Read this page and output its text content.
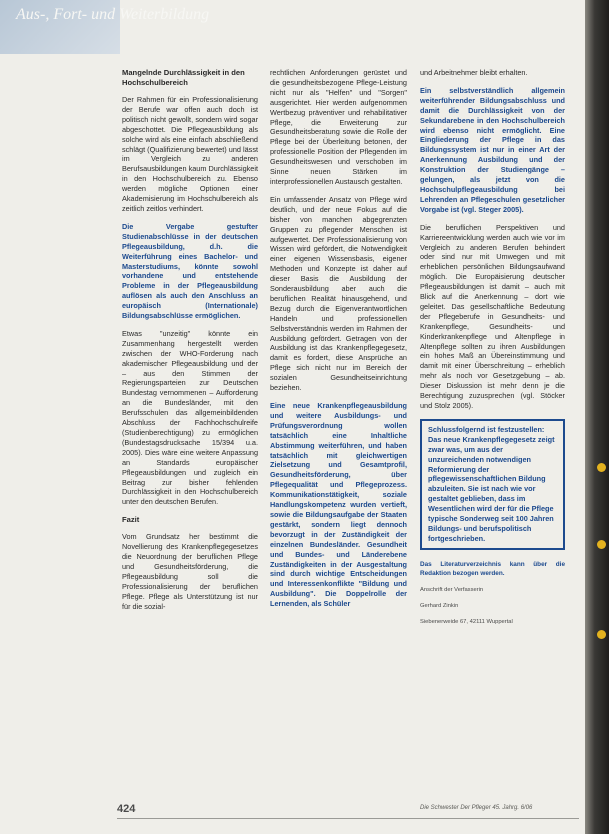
Aus-, Fort- und Weiterbildung
Mangelnde Durchlässigkeit in den Hochschulbereich

Der Rahmen für ein Professionalisierung der Berufe war offen auch doch ist politisch nicht gewollt, sondern wird sogar abgeschottet. Die Pflegeausbildung als solche wird als eine einfach abschließend schlägt (Qualifizierung bewertet) und lässt im Vergleich zu anderen Berufsausbildungen kaum Durchlässigkeit in den Hochschulbereich zu. Ebenso werden mögliche Optionen einer Akademisierung im Hochschulbereich als zeitlich zeitlos verhindert.

Die Vergabe gestufter Studienabschlüsse in der deutschen Pflegeausbildung, d.h. die Weiterführung eines Bachelor- und Masterstudiums, könnte sowohl vorhandene und entstehende Probleme in der Pflegeausbildung auflösen als auch den Anschluss an europäisch (Internationale) Bildungsabschlüsse ermöglichen.

Etwas "unzeitig" könnte ein Zusammenhang hergestellt werden zwischen der WHO-Forderung nach akademischer Pflegeausbildung und der – aus den Stimmen der Regierungsparteien zur Deutschen Bundestag vernommenen – Aufforderung an die Bundesländer, mit den Berufsschulen das allgemeinbildenden Abschluss der Fachhochschulreife (Studienberechtigung) zu ermöglichen (Bundestagsdrucksache 15/394 u.a. 2005). Dies wäre eine weitere Anpassung an Standards europäischer Pflegeausbildungen und zugleich ein Beitrag zur bisher fehlenden Durchlässigkeit in den Hochschulbereich unter den deutschen Berufen.

Fazit

Vom Grundsatz her bestimmt die Novellierung des Krankenpflegegesetzes die Neuordnung der beruflichen Pflege und Gesundheitsförderung, die Pflegeausbildung soll die Professionalisierung der beruflichen Pflege. Pflege als Unterstützung ist nur für die sozial-

rechtlichen Anforderungen gerüstet und die gesundheitsbezogene Pflege-Leistung nicht nur als "Helfen" und "Sorgen" ausgerichtet. Hier werden aufgenommen Wertbezug präventiver und rehabilitativer Pflege, die Erweiterung zur Gesundheitsberatung sowie die Rolle der Pflege bei der Überleitung betonen, der professionelle Position der Pflegenden im Gesundheitswesen und verschoben im Sinne neuen Stärken im interprofessionellen Austausch gestalten.

Ein umfassender Ansatz von Pflege wird deutlich, und der neue Fokus auf die bisher von manchen abgegrenzten Gruppen zu pflegender Menschen ist aufgewertet. Der Professionalisierung von Wissen wird gefördert, die Notwendigkeit einer eigenen Wissensbasis, eigener Methoden und Konzepte ist daher auf dieser Basis die Ausbildung der Sonderausbildung aber auch die beruflichen Realität hinausgehend, und Bezug durch die Eigenverantwortlichen Handeln und professionellen Selbstverständnis werden im Rahmen der Ausbildung gefördert. Getragen von der Ausbildung ist das Krankenpflegegesetz, damit es fordert, diese Ansprüche an Pflege sich nicht nur im Bereich der sozialen Gesundheitseinrichtung beziehen.

Eine neue Krankenpflegeausbildung und weitere Ausbildungs- und Prüfungsverordnung wollen tatsächlich eine Inhaltliche Abstimmung weiterführen, und haben tatsächlich mit gleichwertigen Zielsetzung und Gesamtprofil, Gesundheitsförderung, über Pflegequalität und Pflegeprozess. Kommunikationstätigkeit, soziale Handlungskompetenz wurden vertieft, sowie die Bildungsaufgabe der Staaten gestärkt, sondern liegt dennoch bevorzugt in der Zuständigkeit der einzelnen Bundesländer. Gesundheit und Bundes- und Länderebene Zuständigkeiten in der Ausgestaltung sind durch wichtige Entscheidungen und Interessenkonflikte "Bildung und Ausbildung". Die Doppelrolle der Lernenden, als Schüler

und Arbeitnehmer bleibt erhalten.

Ein selbstverständlich allgemein weiterführender Bildungsabschluss und damit die Durchlässigkeit von der Sekundarebene in den Hochschulbereich wird ebenso nicht ermöglicht. Eine Eingliederung der Pflege in das Bildungssystem ist nur in einer Art der Anerkennung Ausbildung und der Konstruktion der Studiengänge – gelungen, als jetzt von die Hochschulpflegeausbildung bei Lehrenden an Pflegeschulen gesetzlicher Vorgabe ist (vgl. Steger 2005).

Die beruflichen Perspektiven und Karriereentwicklung werden auch wie vor im Vergleich zu anderen Berufen behindert oder sind nur mit Umwegen und mit erheblichen persönlichen Bildungsaufwand möglich. Die Europäisierung deutscher Pflegeausbildungen ist damit – auch mit Blick auf die Anerkennung – dort wie geleitet. Das gesellschaftliche Bedeutung der Pflegeberufe in Gesundheits- und Krankenpflege, Gesundheits- und Kinderkrankenpflege und Altenpflege in Altenpflege sollten zu ihren Ausbildungen ein hohes Maß an Übereinstimmung und damit mit einer Überschreitung – erheblich mehr als noch vor Gesetzgebung – ab. Dieser Diskussion ist mehr denn je die Berechtigung zuzusprechen (vgl. Stöcker und Stolz 2005).

Schlussfolgernd ist festzustellen: Das neue Krankenpflegegesetz zeigt zwar was, um aus der unzureichenden notwendigen Reformierung der pflegewissenschaftlichen Bildung abzuleiten. Sie ist nach wie vor gestaltet geblieben, dass im Wesentlichen wird der für die Pflege typische Sonderweg seit 100 Jahren Bildungs- und berufspolitisch fortgeschrieben.

Das Literaturverzeichnis kann über die Redaktion bezogen werden.

Anschrift der Verfasserin

Gerhard Zinkin

Siebenerweide 67, 42111 Wuppertal

424	Die Schwester Der Pfleger 45. Jahrg. 6/06
